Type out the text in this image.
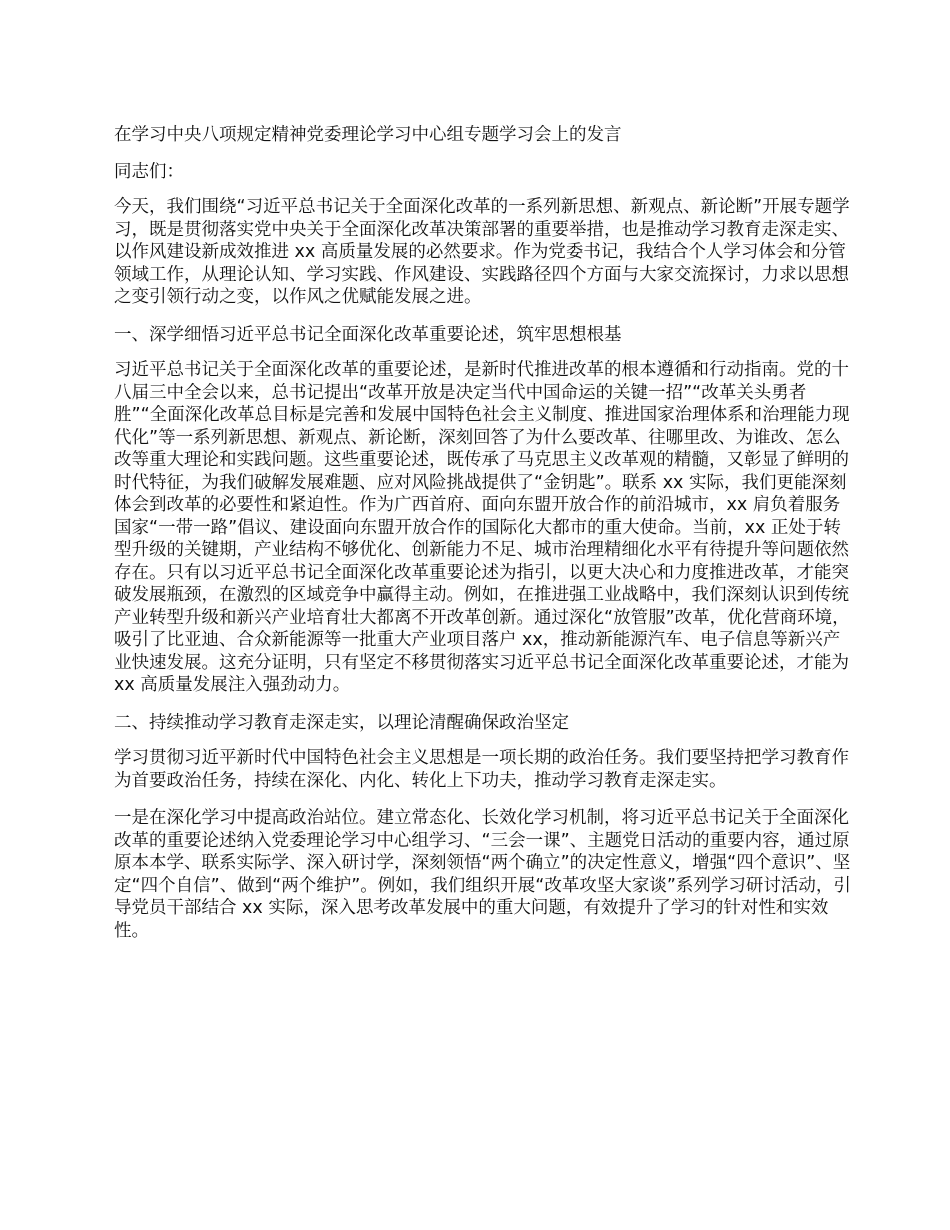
在学习中央八项规定精神党委理论学习中心组专题学习会上的发言

同志们：

今天，我们围绕“习近平总书记关于全面深化改革的一系列新思想、新观点、新论断”开展专题学习，既是贯彻落实党中央关于全面深化改革决策部署的重要举措，也是推动学习教育走深走实、以作风建设新成效推进 xx 高质量发展的必然要求。作为党委书记，我结合个人学习体会和分管领域工作，从理论认知、学习实践、作风建设、实践路径四个方面与大家交流探讨，力求以思想之变引领行动之变，以作风之优赋能发展之进。

一、深学细悟习近平总书记全面深化改革重要论述，筑牢思想根基

习近平总书记关于全面深化改革的重要论述，是新时代推进改革的根本遵循和行动指南。党的十八届三中全会以来，总书记提出“改革开放是决定当代中国命运的关键一招”“改革关头勇者胜”“全面深化改革总目标是完善和发展中国特色社会主义制度、推进国家治理体系和治理能力现代化”等一系列新思想、新观点、新论断，深刻回答了为什么要改革、往哪里改、为谁改、怎么改等重大理论和实践问题。这些重要论述，既传承了马克思主义改革观的精髓，又彰显了鲜明的时代特征，为我们破解发展难题、应对风险挑战提供了“金钥匙”。联系 xx 实际，我们更能深刻体会到改革的必要性和紧迫性。作为广西首府、面向东盟开放合作的前沿城市，xx 肩负着服务国家“一带一路”倡议、建设面向东盟开放合作的国际化大都市的重大使命。当前，xx 正处于转型升级的关键期，产业结构不够优化、创新能力不足、城市治理精细化水平有待提升等问题依然存在。只有以习近平总书记全面深化改革重要论述为指引，以更大决心和力度推进改革，才能突破发展瓶颈，在激烈的区域竞争中赢得主动。例如，在推进强工业战略中，我们深刻认识到传统产业转型升级和新兴产业培育壮大都离不开改革创新。通过深化“放管服”改革，优化营商环境，吸引了比亚迪、合众新能源等一批重大产业项目落户 xx，推动新能源汽车、电子信息等新兴产业快速发展。这充分证明，只有坚定不移贯彻落实习近平总书记全面深化改革重要论述，才能为 xx 高质量发展注入强劲动力。

二、持续推动学习教育走深走实，以理论清醒确保政治坚定

学习贯彻习近平新时代中国特色社会主义思想是一项长期的政治任务。我们要坚持把学习教育作为首要政治任务，持续在深化、内化、转化上下功夫，推动学习教育走深走实。

一是在深化学习中提高政治站位。建立常态化、长效化学习机制，将习近平总书记关于全面深化改革的重要论述纳入党委理论学习中心组学习、“三会一课”、主题党日活动的重要内容，通过原原本本学、联系实际学、深入研讨学，深刻领悟“两个确立”的决定性意义，增强“四个意识”、坚定“四个自信”、做到“两个维护”。例如，我们组织开展“改革攻坚大家谈”系列学习研讨活动，引导党员干部结合 xx 实际，深入思考改革发展中的重大问题，有效提升了学习的针对性和实效性。
